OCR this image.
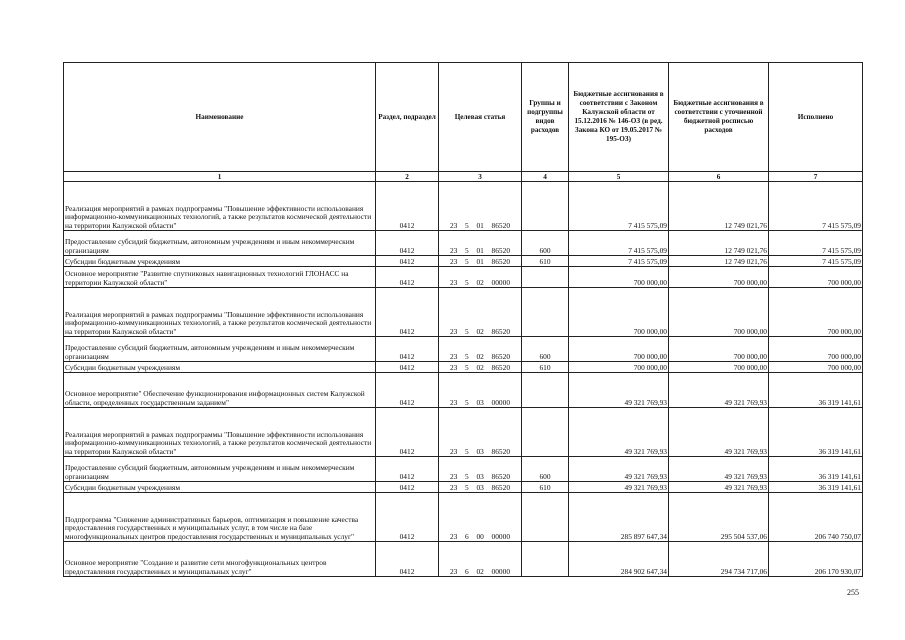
Наименование	Раздел, подраздел	Целевая статья	Группы и подгруппы видов расходов	Бюджетные ассигнования в соответствии с Законом Калужской области от 15.12.2016 № 146-ОЗ (в ред. Закона КО от 19.05.2017 № 195-ОЗ)	Бюджетные ассигнования в соответствии с уточненной бюджетной росписью расходов	Исполнено
1	2	3	4	5	6	7
Реализация мероприятий в рамках подпрограммы "Повышение эффективности использования информационно-коммуникационных технологий, а также результатов космической деятельности на территории Калужской области"	0412	23  5  01  86520		7 415 575,09	12 749 021,76	7 415 575,09
Предоставление субсидий бюджетным, автономным учреждениям и иным некоммерческим организациям	0412	23  5  01  86520	600	7 415 575,09	12 749 021,76	7 415 575,09
Субсидии бюджетным учреждениям	0412	23  5  01  86520	610	7 415 575,09	12 749 021,76	7 415 575,09
Основное мероприятие "Развитие спутниковых навигационных технологий ГЛОНАСС на территории Калужской области"	0412	23  5  02  00000		700 000,00	700 000,00	700 000,00
Реализация мероприятий в рамках подпрограммы "Повышение эффективности использования информационно-коммуникационных технологий, а также результатов космической деятельности на территории Калужской области"	0412	23  5  02  86520		700 000,00	700 000,00	700 000,00
Предоставление субсидий бюджетным, автономным учреждениям и иным некоммерческим организациям	0412	23  5  02  86520	600	700 000,00	700 000,00	700 000,00
Субсидии бюджетным учреждениям	0412	23  5  02  86520	610	700 000,00	700 000,00	700 000,00
Основное мероприятие" Обеспечение функционирования информационных систем Калужской области, определенных государственным заданием"	0412	23  5  03  00000		49 321 769,93	49 321 769,93	36 319 141,61
Реализация мероприятий в рамках подпрограммы "Повышение эффективности использования информационно-коммуникационных технологий, а также результатов космической деятельности на территории Калужской области"	0412	23  5  03  86520		49 321 769,93	49 321 769,93	36 319 141,61
Предоставление субсидий бюджетным, автономным учреждениям и иным некоммерческим организациям	0412	23  5  03  86520	600	49 321 769,93	49 321 769,93	36 319 141,61
Субсидии бюджетным учреждениям	0412	23  5  03  86520	610	49 321 769,93	49 321 769,93	36 319 141,61
Подпрограмма "Снижение административных барьеров, оптимизация и повышение качества предоставления государственных и муниципальных услуг, в том числе на базе многофункциональных центров предоставления государственных и муниципальных услуг"	0412	23  6  00  00000		285 897 647,34	295 504 537,06	206 740 750,07
Основное мероприятие "Создание и развитие сети многофункциональных центров предоставления государственных и муниципальных услуг"	0412	23  6  02  00000		284 902 647,34	294 734 717,06	206 170 930,07
255
